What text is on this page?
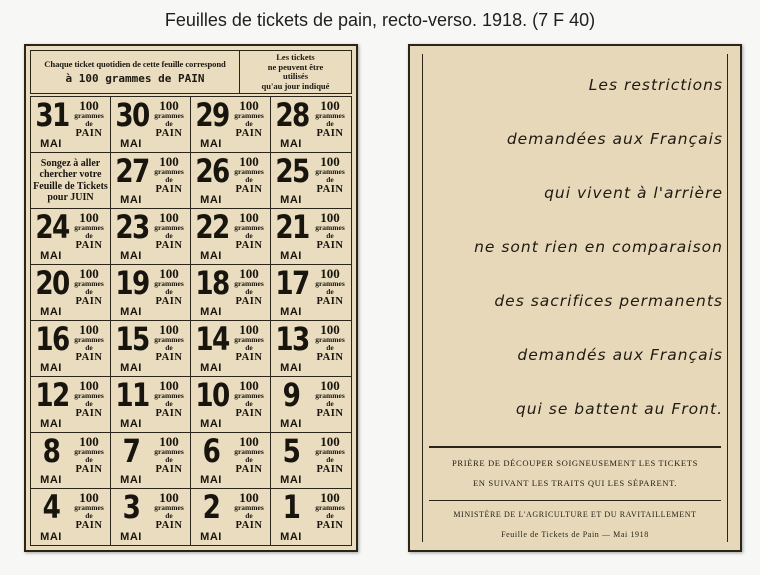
Feuilles de tickets de pain, recto-verso. 1918. (7 F 40)
Chaque ticket quotidien de cette feuille correspond
à 100 grammes de PAIN
Les tickets
ne peuvent être
utilisés
qu'au jour indiqué
31 100
grammes
de
PAIN
MAI
30 100
grammes
de
PAIN
MAI
29 100
grammes
de
PAIN
MAI
28 100
grammes
de
PAIN
MAI
Songez à aller
chercher votre
Feuille de Tickets
pour JUIN
27 100
grammes
de
PAIN
MAI
26 100
grammes
de
PAIN
MAI
25 100
grammes
de
PAIN
MAI
24 100
grammes
de
PAIN
MAI
23 100
grammes
de
PAIN
MAI
22 100
grammes
de
PAIN
MAI
21 100
grammes
de
PAIN
MAI
20 100
grammes
de
PAIN
MAI
19 100
grammes
de
PAIN
MAI
18 100
grammes
de
PAIN
MAI
17 100
grammes
de
PAIN
MAI
16 100
grammes
de
PAIN
MAI
15 100
grammes
de
PAIN
MAI
14 100
grammes
de
PAIN
MAI
13 100
grammes
de
PAIN
MAI
12 100
grammes
de
PAIN
MAI
11 100
grammes
de
PAIN
MAI
10 100
grammes
de
PAIN
MAI
9	100
grammes
de
PAIN
MAI
8	100
grammes
de
PAIN
MAI
7	100
grammes
de
PAIN
MAI
6	100
grammes
de
PAIN
MAI
5	100
grammes
de
PAIN
MAI
4	100
grammes
de
PAIN
MAI
3	100
grammes
de
PAIN
MAI
2	100
grammes
de
PAIN
MAI
1	100
grammes
de
PAIN
MAI
Les restrictions
demandées aux Français
qui vivent à l'arrière
ne sont rien en comparaison
des sacrifices permanents
demandés aux Français
qui se battent au Front.
PRIÈRE DE DÉCOUPER SOIGNEUSEMENT LES TICKETS
EN SUIVANT LES TRAITS QUI LES SÉPARENT.
MINISTÈRE DE L'AGRICULTURE ET DU RAVITAILLEMENT
Feuille de Tickets de Pain — Mai 1918
